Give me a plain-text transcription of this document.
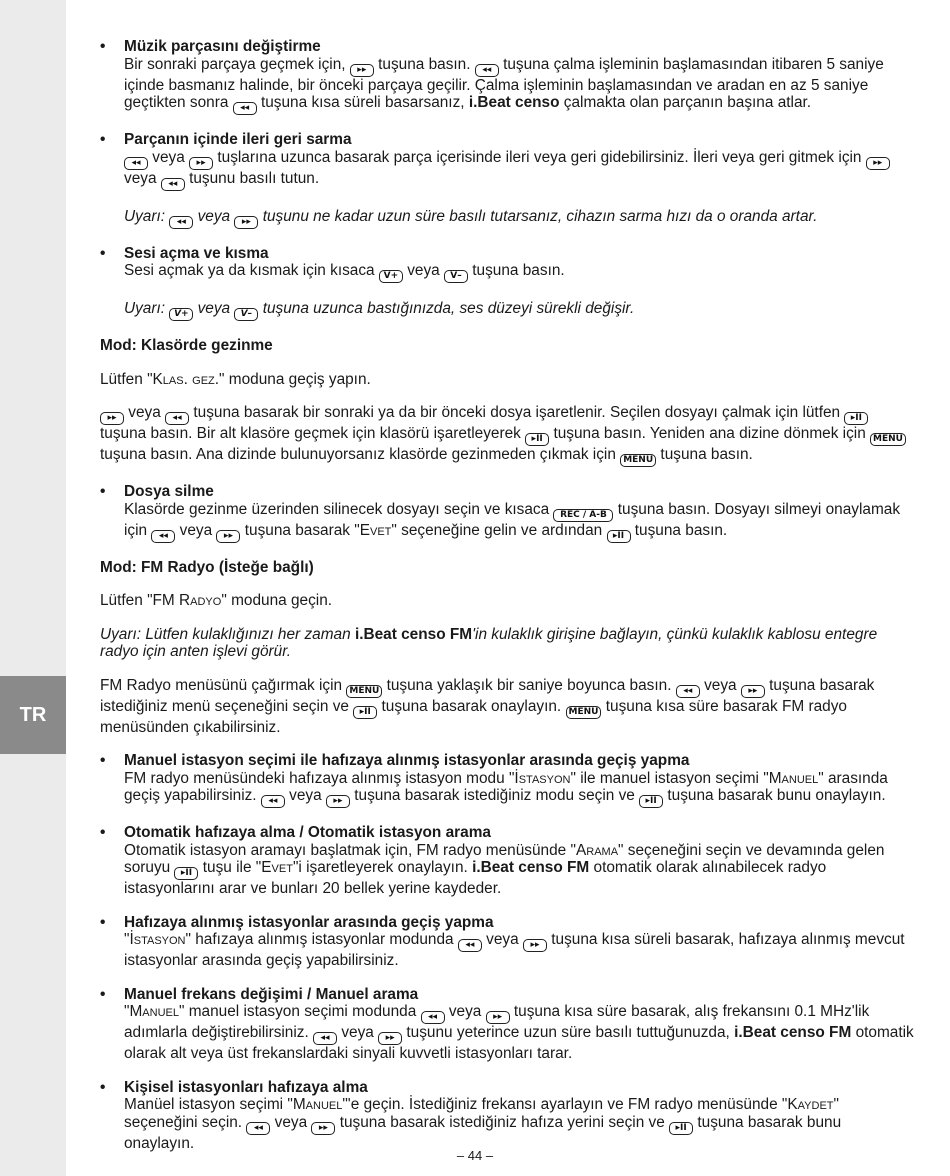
TR
• Müzik parçasını değiştirme
Bir sonraki parçaya geçmek için, ▸▸ tuşuna basın. ◂◂ tuşuna çalma işleminin başlamasından itibaren 5 saniye içinde basmanız halinde, bir önceki parçaya geçilir. Çalma işleminin başlamasından ve aradan en az 5 saniye geçtikten sonra ◂◂ tuşuna kısa süreli basarsanız, i.Beat censo çalmakta olan parçanın başına atlar.
• Parçanın içinde ileri geri sarma
◂◂ veya ▸▸ tuşlarına uzunca basarak parça içerisinde ileri veya geri gidebilirsiniz. İleri veya geri gitmek için ▸▸ veya ◂◂ tuşunu basılı tutun.
Uyarı: ◂◂ veya ▸▸ tuşunu ne kadar uzun süre basılı tutarsanız, cihazın sarma hızı da o oranda artar.
• Sesi açma ve kısma
Sesi açmak ya da kısmak için kısaca V+ veya V– tuşuna basın.
Uyarı: V+ veya V– tuşuna uzunca bastığınızda, ses düzeyi sürekli değişir.
Mod: Klasörde gezinme
Lütfen "Klas. gez." moduna geçiş yapın.
▸▸ veya ◂◂ tuşuna basarak bir sonraki ya da bir önceki dosya işaretlenir. Seçilen dosyayı çalmak için lütfen ▸II tuşuna basın. Bir alt klasöre geçmek için klasörü işaretleyerek ▸II tuşuna basın. Yeniden ana dizine dönmek için MENU tuşuna basın. Ana dizinde bulunuyorsanız klasörde gezinmeden çıkmak için MENU tuşuna basın.
• Dosya silme
Klasörde gezinme üzerinden silinecek dosyayı seçin ve kısaca REC / A-B tuşuna basın. Dosyayı silmeyi onaylamak için ◂◂ veya ▸▸ tuşuna basarak "Evet" seçeneğine gelin ve ardından ▸II tuşuna basın.
Mod: FM Radyo (İsteğe bağlı)
Lütfen "FM Radyo" moduna geçin.
Uyarı: Lütfen kulaklığınızı her zaman i.Beat censo FM'in kulaklık girişine bağlayın, çünkü kulaklık kablosu entegre radyo için anten işlevi görür.
FM Radyo menüsünü çağırmak için MENU tuşuna yaklaşık bir saniye boyunca basın. ◂◂ veya ▸▸ tuşuna basarak istediğiniz menü seçeneğini seçin ve ▸II tuşuna basarak onaylayın. MENU tuşuna kısa süre basarak FM radyo menüsünden çıkabilirsiniz.
• Manuel istasyon seçimi ile hafızaya alınmış istasyonlar arasında geçiş yapma
FM radyo menüsündeki hafızaya alınmış istasyon modu "İstasyon" ile manuel istasyon seçimi "Manuel" arasında geçiş yapabilirsiniz. ◂◂ veya ▸▸ tuşuna basarak istediğiniz modu seçin ve ▸II tuşuna basarak bunu onaylayın.
• Otomatik hafızaya alma / Otomatik istasyon arama
Otomatik istasyon aramayı başlatmak için, FM radyo menüsünde "Arama" seçeneğini seçin ve devamında gelen soruyu ▸II tuşu ile "Evet"i işaretleyerek onaylayın. i.Beat censo FM otomatik olarak alınabilecek radyo istasyonlarını arar ve bunları 20 bellek yerine kaydeder.
• Hafızaya alınmış istasyonlar arasında geçiş yapma
"İstasyon" hafızaya alınmış istasyonlar modunda ◂◂ veya ▸▸ tuşuna kısa süreli basarak, hafızaya alınmış mevcut istasyonlar arasında geçiş yapabilirsiniz.
• Manuel frekans değişimi / Manuel arama
"Manuel" manuel istasyon seçimi modunda ◂◂ veya ▸▸ tuşuna kısa süre basarak, alış frekansını 0.1 MHz'lik adımlarla değiştirebilirsiniz. ◂◂ veya ▸▸ tuşunu yeterince uzun süre basılı tuttuğunuzda, i.Beat censo FM otomatik olarak alt veya üst frekanslardaki sinyali kuvvetli istasyonları tarar.
• Kişisel istasyonları hafızaya alma
Manüel istasyon seçimi "Manuel"'e geçin. İstediğiniz frekansı ayarlayın ve FM radyo menüsünde "Kaydet" seçeneğini seçin. ◂◂ veya ▸▸ tuşuna basarak istediğiniz hafıza yerini seçin ve ▸II tuşuna basarak bunu onaylayın.
– 44 –
